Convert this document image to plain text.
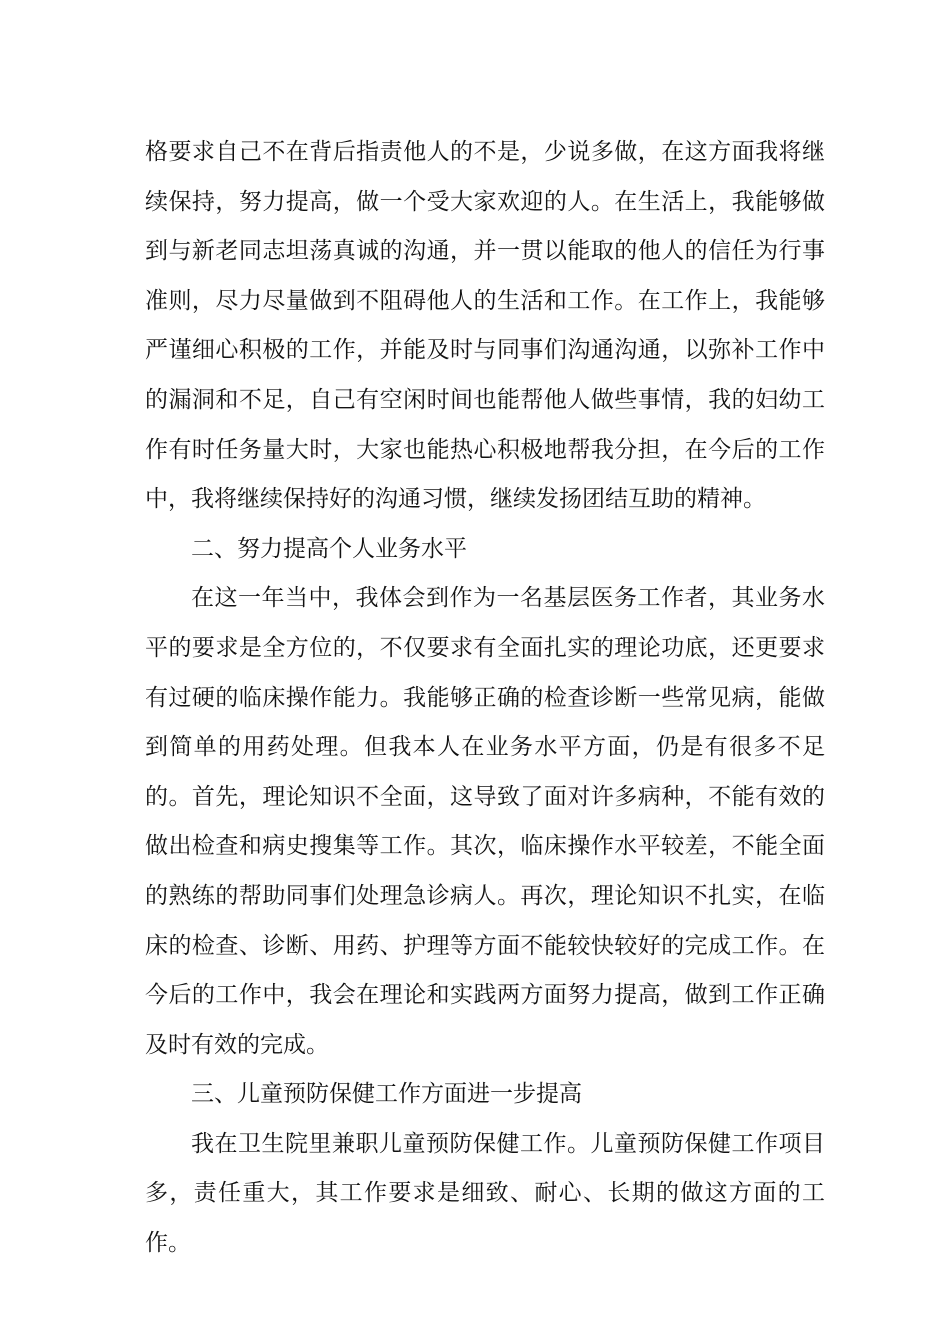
格要求自己不在背后指责他人的不是，少说多做，在这方面我将继续保持，努力提高，做一个受大家欢迎的人。在生活上，我能够做到与新老同志坦荡真诚的沟通，并一贯以能取的他人的信任为行事准则，尽力尽量做到不阻碍他人的生活和工作。在工作上，我能够严谨细心积极的工作，并能及时与同事们沟通沟通，以弥补工作中的漏洞和不足，自己有空闲时间也能帮他人做些事情，我的妇幼工作有时任务量大时，大家也能热心积极地帮我分担，在今后的工作中，我将继续保持好的沟通习惯，继续发扬团结互助的精神。

二、努力提高个人业务水平

在这一年当中，我体会到作为一名基层医务工作者，其业务水平的要求是全方位的，不仅要求有全面扎实的理论功底，还更要求有过硬的临床操作能力。我能够正确的检查诊断一些常见病，能做到简单的用药处理。但我本人在业务水平方面，仍是有很多不足的。首先，理论知识不全面，这导致了面对许多病种，不能有效的做出检查和病史搜集等工作。其次，临床操作水平较差，不能全面的熟练的帮助同事们处理急诊病人。再次，理论知识不扎实，在临床的检查、诊断、用药、护理等方面不能较快较好的完成工作。在今后的工作中，我会在理论和实践两方面努力提高，做到工作正确及时有效的完成。

三、儿童预防保健工作方面进一步提高

我在卫生院里兼职儿童预防保健工作。儿童预防保健工作项目多，责任重大，其工作要求是细致、耐心、长期的做这方面的工作。
